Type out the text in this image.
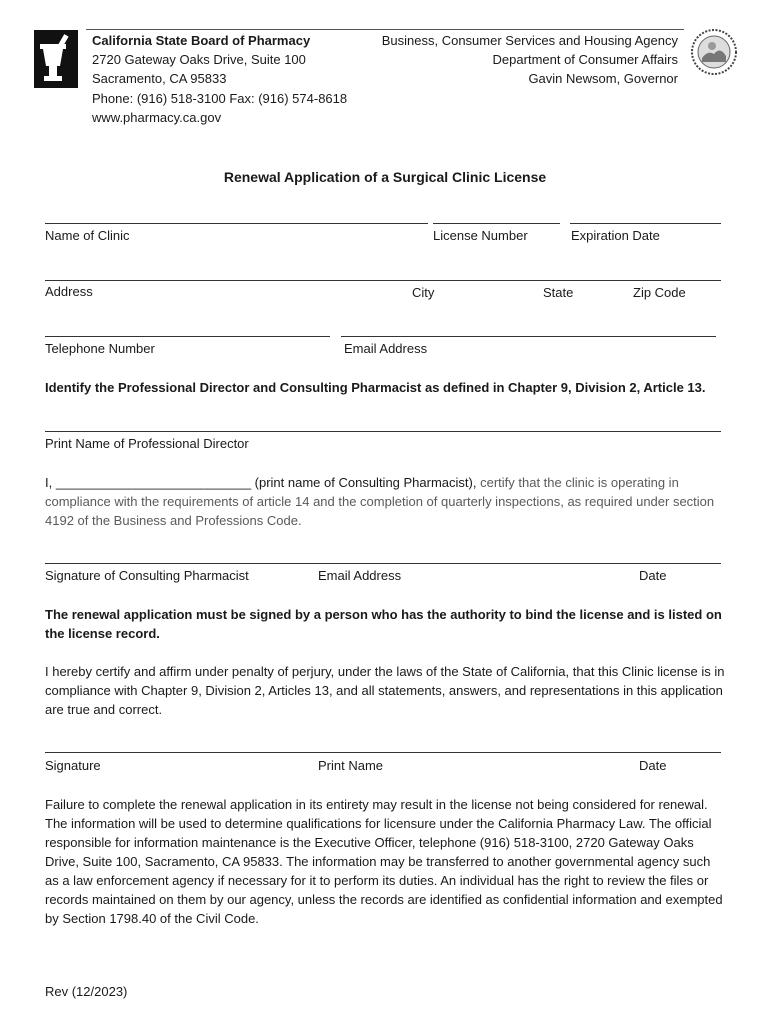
California State Board of Pharmacy
2720 Gateway Oaks Drive, Suite 100
Sacramento, CA 95833
Phone: (916) 518-3100 Fax: (916) 574-8618
www.pharmacy.ca.gov
Business, Consumer Services and Housing Agency
Department of Consumer Affairs
Gavin Newsom, Governor
Renewal Application of a Surgical Clinic License
Name of Clinic	License Number	Expiration Date
Address	City	State	Zip Code
Telephone Number	Email Address
Identify the Professional Director and Consulting Pharmacist as defined in Chapter 9, Division 2, Article 13.
Print Name of Professional Director
I, ___________________________ (print name of Consulting Pharmacist), certify that the clinic is operating in compliance with the requirements of article 14 and the completion of quarterly inspections, as required under section 4192 of the Business and Professions Code.
Signature of Consulting Pharmacist	Email Address	Date
The renewal application must be signed by a person who has the authority to bind the license and is listed on the license record.
I hereby certify and affirm under penalty of perjury, under the laws of the State of California, that this Clinic license is in compliance with Chapter 9, Division 2, Articles 13, and all statements, answers, and representations in this application are true and correct.
Signature	Print Name	Date
Failure to complete the renewal application in its entirety may result in the license not being considered for renewal. The information will be used to determine qualifications for licensure under the California Pharmacy Law. The official responsible for information maintenance is the Executive Officer, telephone (916) 518-3100, 2720 Gateway Oaks Drive, Suite 100, Sacramento, CA 95833. The information may be transferred to another governmental agency such as a law enforcement agency if necessary for it to perform its duties. An individual has the right to review the files or records maintained on them by our agency, unless the records are identified as confidential information and exempted by Section 1798.40 of the Civil Code.
Rev (12/2023)
